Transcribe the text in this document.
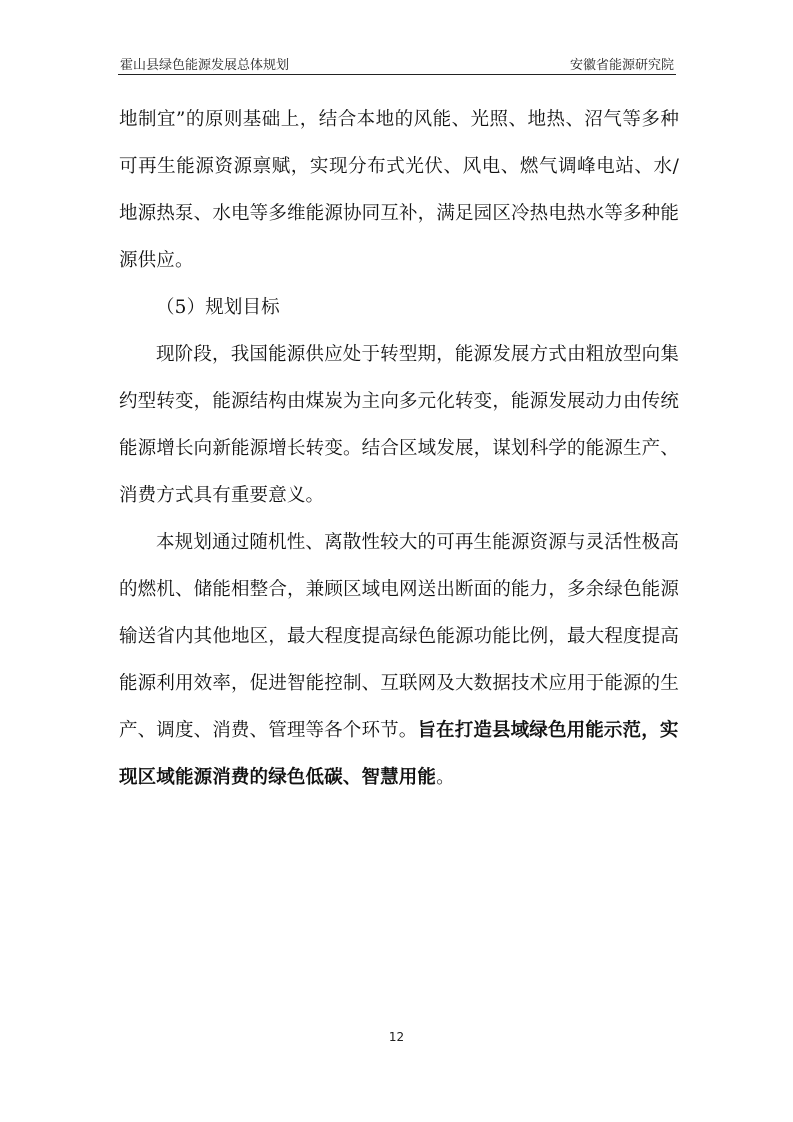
霍山县绿色能源发展总体规划	安徽省能源研究院
地制宜”的原则基础上，结合本地的风能、光照、地热、沼气等多种
可再生能源资源禀赋，实现分布式光伏、风电、燃气调峰电站、水/
地源热泵、水电等多维能源协同互补，满足园区冷热电热水等多种能
源供应。
（5）规划目标
现阶段，我国能源供应处于转型期，能源发展方式由粗放型向集
约型转变，能源结构由煤炭为主向多元化转变，能源发展动力由传统
能源增长向新能源增长转变。结合区域发展，谋划科学的能源生产、
消费方式具有重要意义。
本规划通过随机性、离散性较大的可再生能源资源与灵活性极高
的燃机、储能相整合，兼顾区域电网送出断面的能力，多余绿色能源
输送省内其他地区，最大程度提高绿色能源功能比例，最大程度提高
能源利用效率，促进智能控制、互联网及大数据技术应用于能源的生
产、调度、消费、管理等各个环节。旨在打造县域绿色用能示范，实
现区域能源消费的绿色低碳、智慧用能。
12
